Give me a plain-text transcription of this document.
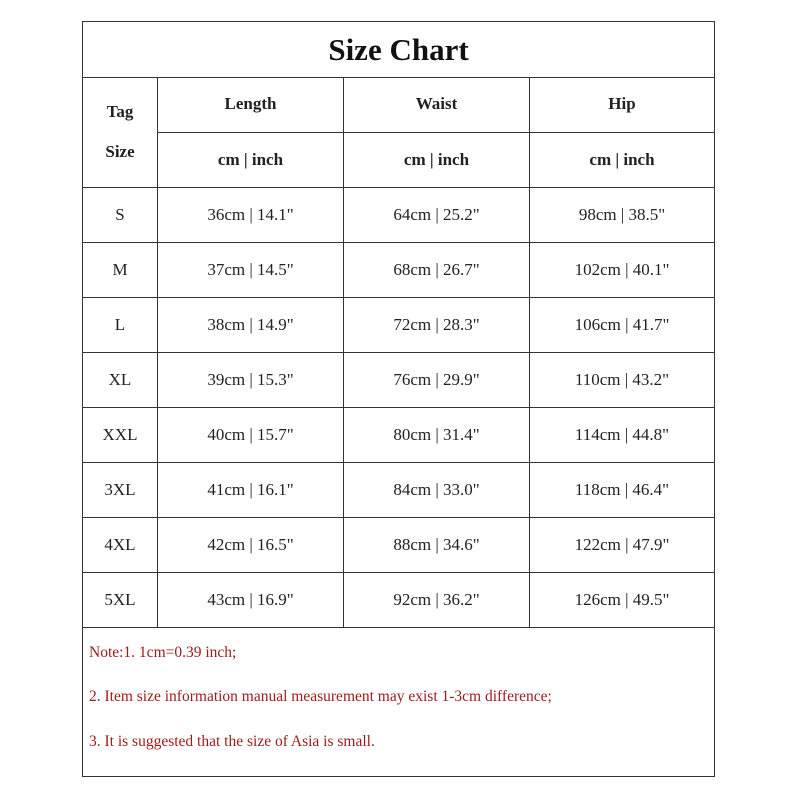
Size Chart
Tag
Size	Length	Waist	Hip
	cm | inch	cm | inch	cm | inch
S	36cm | 14.1"	64cm | 25.2"	98cm | 38.5"
M	37cm | 14.5"	68cm | 26.7"	102cm | 40.1"
L	38cm | 14.9"	72cm | 28.3"	106cm | 41.7"
XL	39cm | 15.3"	76cm | 29.9"	110cm | 43.2"
XXL	40cm | 15.7"	80cm | 31.4"	114cm | 44.8"
3XL	41cm | 16.1"	84cm | 33.0"	118cm | 46.4"
4XL	42cm | 16.5"	88cm | 34.6"	122cm | 47.9"
5XL	43cm | 16.9"	92cm | 36.2"	126cm | 49.5"
Note:1. 1cm=0.39 inch;
2. Item size information manual measurement may exist 1-3cm difference;
3. It is suggested that the size of Asia is small.
